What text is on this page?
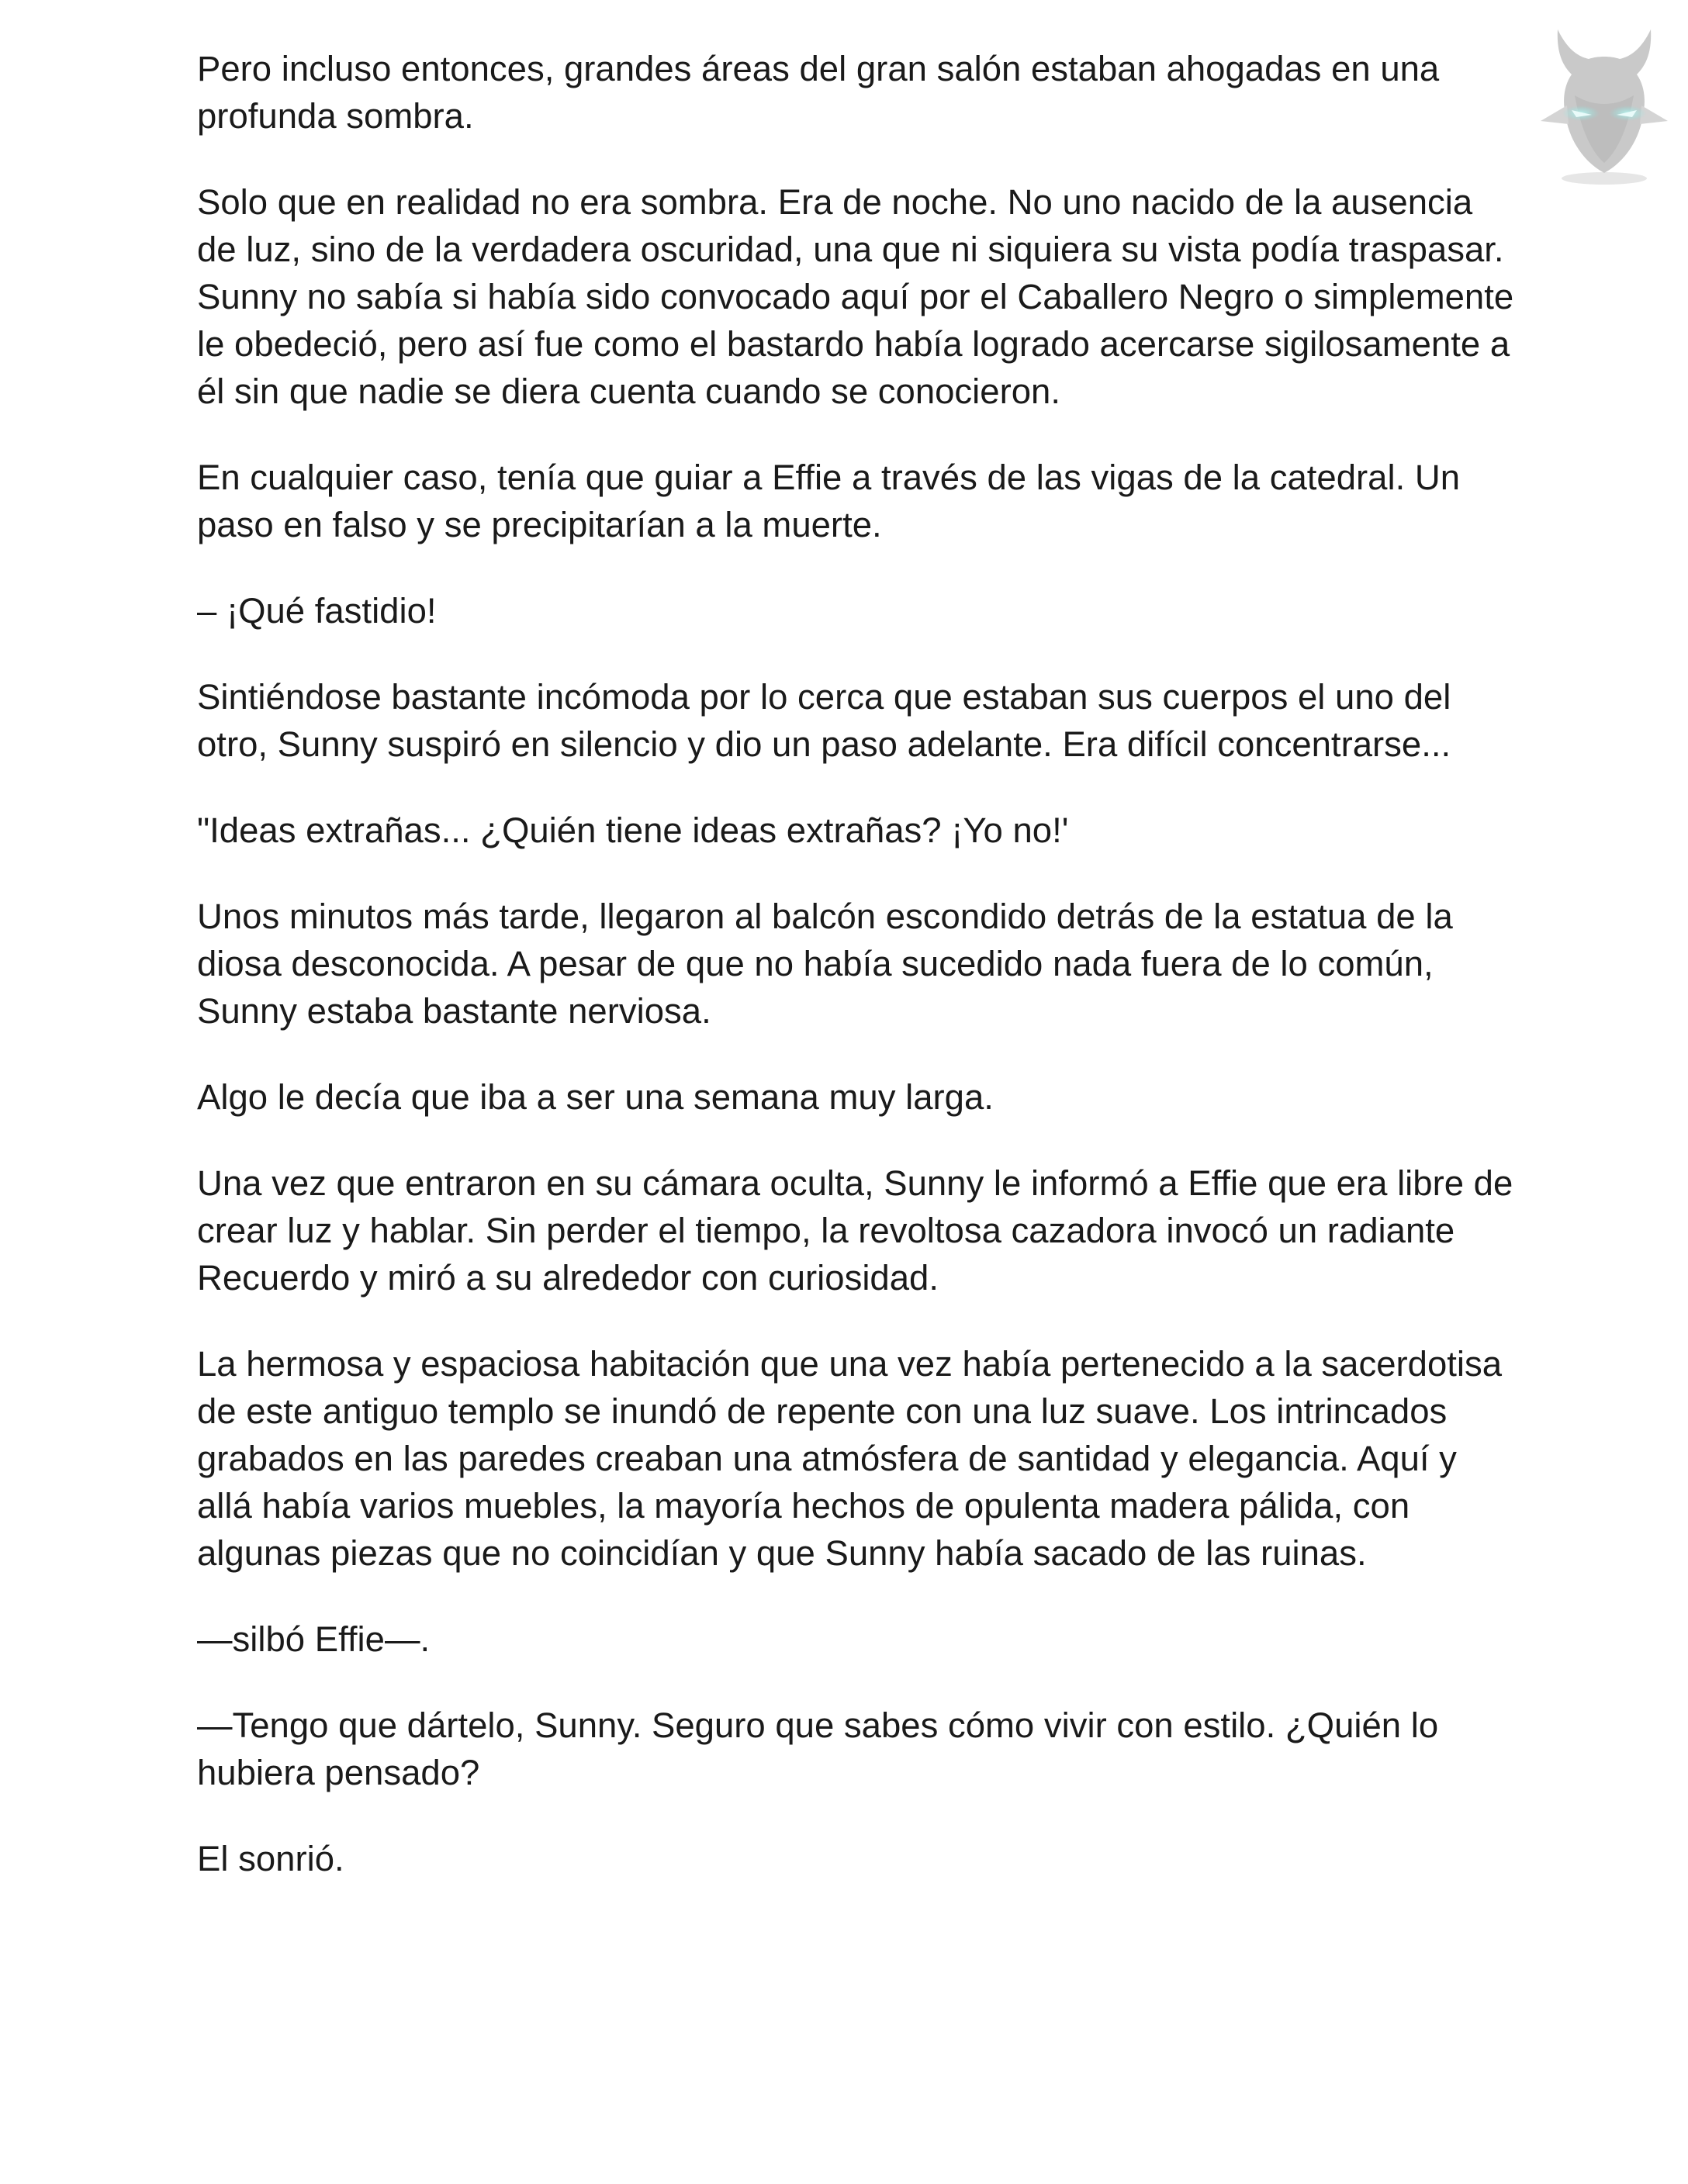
Pero incluso entonces, grandes áreas del gran salón estaban ahogadas en una profunda sombra.

Solo que en realidad no era sombra. Era de noche. No uno nacido de la ausencia de luz, sino de la verdadera oscuridad, una que ni siquiera su vista podía traspasar. Sunny no sabía si había sido convocado aquí por el Caballero Negro o simplemente le obedeció, pero así fue como el bastardo había logrado acercarse sigilosamente a él sin que nadie se diera cuenta cuando se conocieron.

En cualquier caso, tenía que guiar a Effie a través de las vigas de la catedral. Un paso en falso y se precipitarían a la muerte.

– ¡Qué fastidio!

Sintiéndose bastante incómoda por lo cerca que estaban sus cuerpos el uno del otro, Sunny suspiró en silencio y dio un paso adelante. Era difícil concentrarse...

"Ideas extrañas... ¿Quién tiene ideas extrañas? ¡Yo no!'

Unos minutos más tarde, llegaron al balcón escondido detrás de la estatua de la diosa desconocida. A pesar de que no había sucedido nada fuera de lo común, Sunny estaba bastante nerviosa.

Algo le decía que iba a ser una semana muy larga.

Una vez que entraron en su cámara oculta, Sunny le informó a Effie que era libre de crear luz y hablar. Sin perder el tiempo, la revoltosa cazadora invocó un radiante Recuerdo y miró a su alrededor con curiosidad.

La hermosa y espaciosa habitación que una vez había pertenecido a la sacerdotisa de este antiguo templo se inundó de repente con una luz suave. Los intrincados grabados en las paredes creaban una atmósfera de santidad y elegancia. Aquí y allá había varios muebles, la mayoría hechos de opulenta madera pálida, con algunas piezas que no coincidían y que Sunny había sacado de las ruinas.

—silbó Effie—.

—Tengo que dártelo, Sunny. Seguro que sabes cómo vivir con estilo. ¿Quién lo hubiera pensado?

El sonrió.
